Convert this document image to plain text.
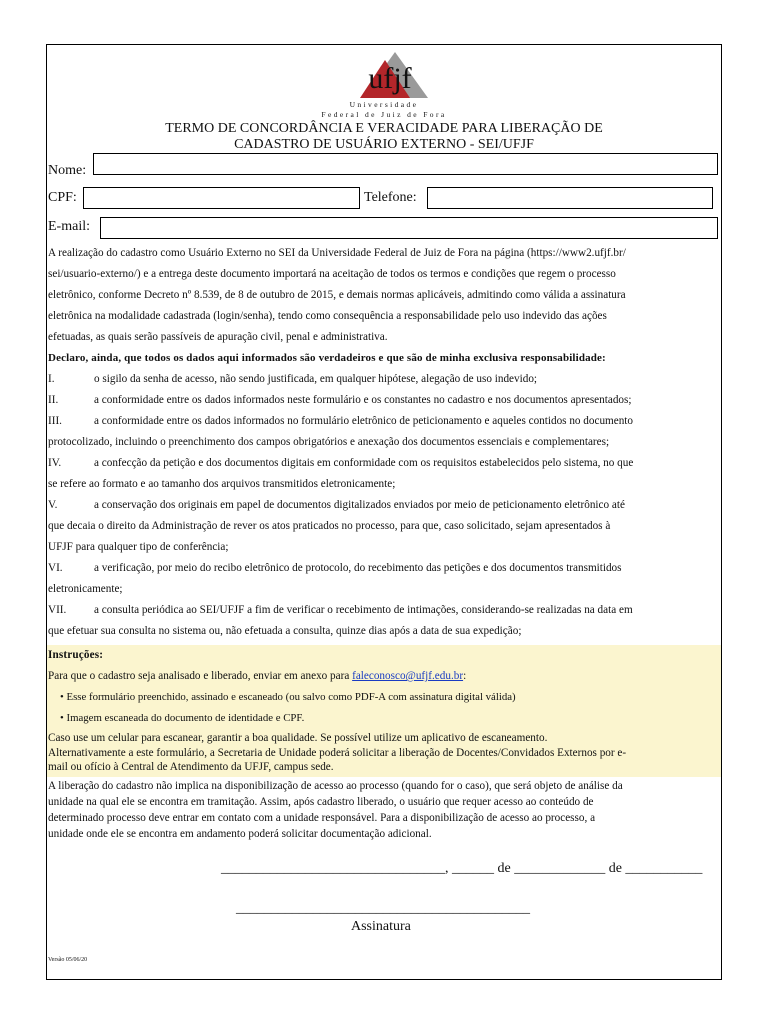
ufjf
Universidade
Federal de Juiz de Fora
TERMO DE CONCORDÂNCIA E VERACIDADE PARA LIBERAÇÃO DE
CADASTRO DE USUÁRIO EXTERNO - SEI/UFJF
Nome:
CPF:	Telefone:
E-mail:

A realização do cadastro como Usuário Externo no SEI da Universidade Federal de Juiz de Fora na página (https://www2.ufjf.br/

sei/usuario-externo/) e a entrega deste documento importará na aceitação de todos os termos e condições que regem o processo

eletrônico, conforme Decreto nº 8.539, de 8 de outubro de 2015, e demais normas aplicáveis, admitindo como válida a assinatura

eletrônica na modalidade cadastrada (login/senha), tendo como consequência a responsabilidade pelo uso indevido das ações

efetuadas, as quais serão passíveis de apuração civil, penal e administrativa.

Declaro, ainda, que todos os dados aqui informados são verdadeiros e que são de minha exclusiva responsabilidade:

I.	o sigilo da senha de acesso, não sendo justificada, em qualquer hipótese, alegação de uso indevido;

II.	a conformidade entre os dados informados neste formulário e os constantes no cadastro e nos documentos apresentados;

III.	a conformidade entre os dados informados no formulário eletrônico de peticionamento e aqueles contidos no documento

protocolizado, incluindo o preenchimento dos campos obrigatórios e anexação dos documentos essenciais e complementares;

IV.	a confecção da petição e dos documentos digitais em conformidade com os requisitos estabelecidos pelo sistema, no que

se refere ao formato e ao tamanho dos arquivos transmitidos eletronicamente;

V.	a conservação dos originais em papel de documentos digitalizados enviados por meio de peticionamento eletrônico até

que decaia o direito da Administração de rever os atos praticados no processo, para que, caso solicitado, sejam apresentados à

UFJF para qualquer tipo de conferência;

VI.	a verificação, por meio do recibo eletrônico de protocolo, do recebimento das petições e dos documentos transmitidos

eletronicamente;

VII. a consulta periódica ao SEI/UFJF a fim de verificar o recebimento de intimações, considerando-se realizadas na data em

que efetuar sua consulta no sistema ou, não efetuada a consulta, quinze dias após a data de sua expedição;

Instruções:
Para que o cadastro seja analisado e liberado, enviar em anexo para faleconosco@ufjf.edu.br:
• Esse formulário preenchido, assinado e escaneado (ou salvo como PDF-A com assinatura digital válida)
• Imagem escaneada do documento de identidade e CPF.
Caso use um celular para escanear, garantir a boa qualidade. Se possível utilize um aplicativo de escaneamento.
Alternativamente a este formulário, a Secretaria de Unidade poderá solicitar a liberação de Docentes/Convidados Externos por e-
mail ou ofício à Central de Atendimento da UFJF, campus sede.

A liberação do cadastro não implica na disponibilização de acesso ao processo (quando for o caso), que será objeto de análise da

unidade na qual ele se encontra em tramitação. Assim, após cadastro liberado, o usuário que requer acesso ao conteúdo de

determinado processo deve entrar em contato com a unidade responsável. Para a disponibilização de acesso ao processo, a

unidade onde ele se encontra em andamento poderá solicitar documentação adicional.

________________________________, ______ de _____________ de ___________
__________________________________________
Assinatura
Versão 05/06/20
